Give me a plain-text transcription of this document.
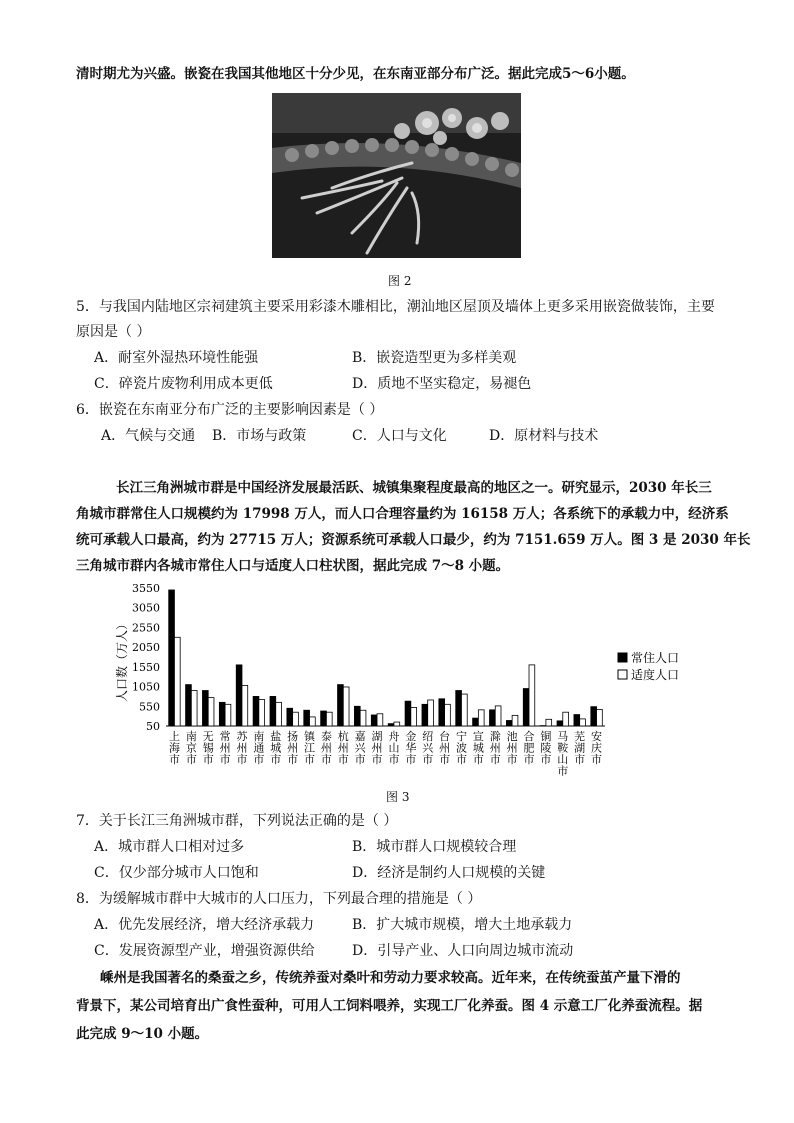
清时期尤为兴盛。嵌瓷在我国其他地区十分少见，在东南亚部分布广泛。据此完成5～6小题。
图 2
5．与我国内陆地区宗祠建筑主要采用彩漆木雕相比，潮汕地区屋顶及墙体上更多采用嵌瓷做装饰，主要
原因是（ ）
A．耐室外湿热环境性能强	B．嵌瓷造型更为多样美观
C．碎瓷片废物利用成本更低	D．质地不坚实稳定，易褪色
6．嵌瓷在东南亚分布广泛的主要影响因素是（ ）
A．气候与交通 B．市场与政策	C．人口与文化	D．原材料与技术
长江三角洲城市群是中国经济发展最活跃、城镇集聚程度最高的地区之一。研究显示，2030 年长三
角城市群常住人口规模约为 17998 万人，而人口合理容量约为 16158 万人；各系统下的承载力中，经济系
统可承载人口最高，约为 27715 万人；资源系统可承载人口最少，约为 7151.659 万人。图 3 是 2030 年长
三角城市群内各城市常住人口与适度人口柱状图，据此完成 7～8 小题。
50
550
1050
1550
2050
2550
3050
3550
上海市
南京市
无锡市
常州市
苏州市
南通市
盐城市
扬州市
镇江市
泰州市
杭州市
嘉兴市
湖州市
舟山市
金华市
绍兴市
台州市
宁波市
宣城市
滁州市
池州市
合肥市
铜陵市
马鞍山市
芜湖市
安庆市
常住人口
适度人口
人口数（万人）
图 3
7．关于长江三角洲城市群，下列说法正确的是（ ）
A．城市群人口相对过多	B．城市群人口规模较合理
C．仅少部分城市人口饱和	D．经济是制约人口规模的关键
8．为缓解城市群中大城市的人口压力，下列最合理的措施是（ ）
A．优先发展经济，增大经济承载力	B．扩大城市规模，增大土地承载力
C．发展资源型产业，增强资源供给	D．引导产业、人口向周边城市流动
嵊州是我国著名的桑蚕之乡，传统养蚕对桑叶和劳动力要求较高。近年来，在传统蚕茧产量下滑的
背景下，某公司培育出广食性蚕种，可用人工饲料喂养，实现工厂化养蚕。图 4 示意工厂化养蚕流程。据
此完成 9～10 小题。
